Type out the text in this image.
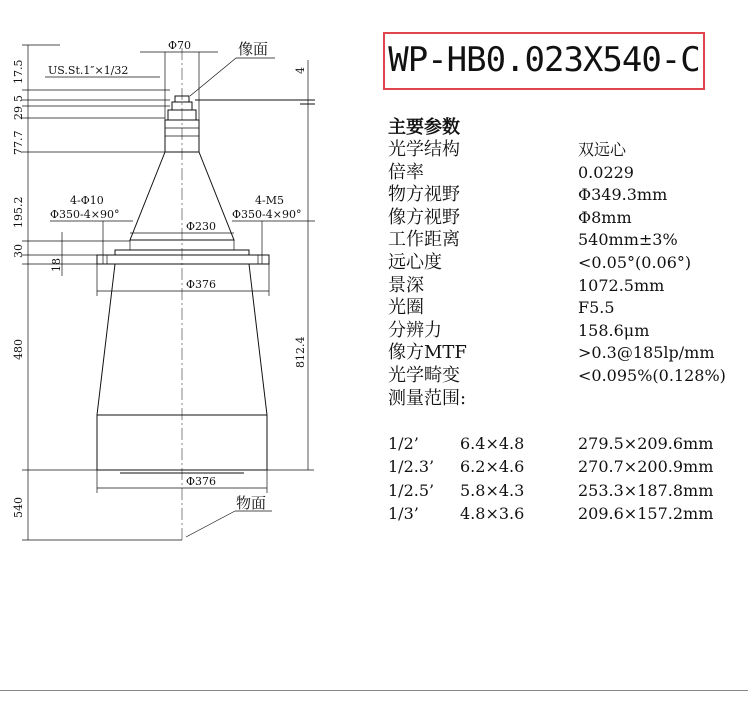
US.St.1″×1/32
Φ70	像面
4-Φ10
Φ350-4×90°
4-M5
Φ350-4×90°
Φ230
Φ376
Φ376
物面
17.5
5
29
77.7
195.2
30
18
480
540
4
812.4
WP-HB0.023X540-C
主要参数
光学结构	双远心
倍率	0.0229
物方视野	Φ349.3mm
像方视野	Φ8mm
工作距离	540mm±3%
远心度	<0.05°(0.06°)
景深	1072.5mm
光圈	F5.5
分辨力	158.6μm
像方MTF	>0.3@185lp/mm
光学畸变	<0.095%(0.128%)
测量范围:
1/2’	6.4×4.8	279.5×209.6mm
1/2.3’ 6.2×4.6	270.7×200.9mm
1/2.5’ 5.8×4.3	253.3×187.8mm
1/3’	4.8×3.6	209.6×157.2mm
